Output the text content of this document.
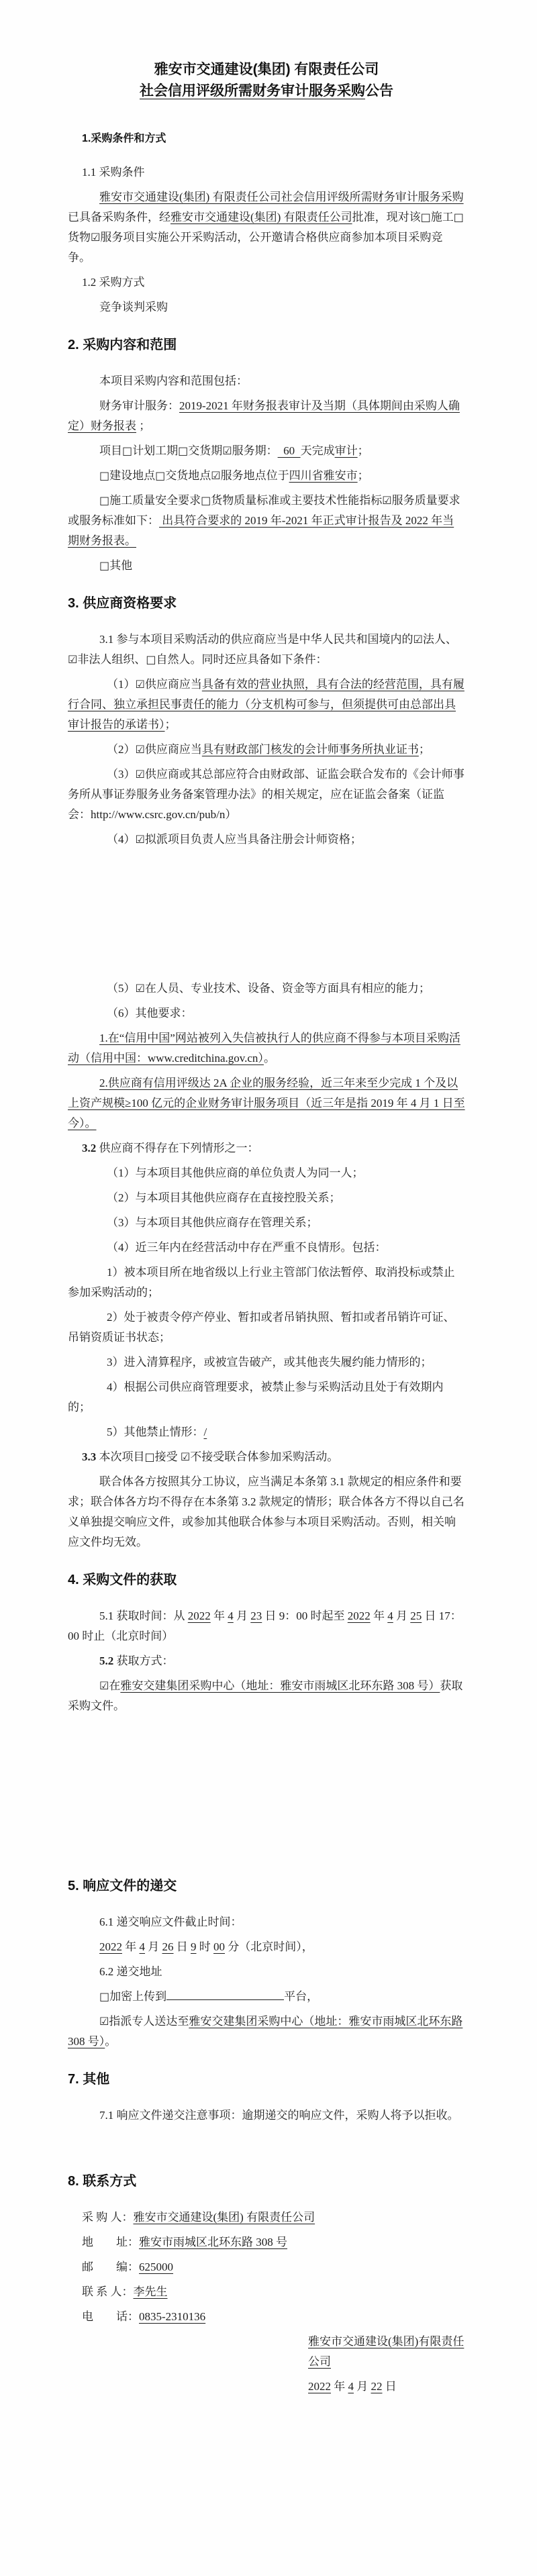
雅安市交通建设(集团) 有限责任公司
社会信用评级所需财务审计服务采购公告
1.采购条件和方式
1.1 采购条件
雅安市交通建设(集团) 有限责任公司社会信用评级所需财务审计服务采购已具备采购条件，经雅安市交通建设(集团) 有限责任公司批准，现对该□施工□货物☑服务项目实施公开采购活动，公开邀请合格供应商参加本项目采购竞争。
1.2 采购方式
竞争谈判采购
2. 采购内容和范围
本项目采购内容和范围包括：
财务审计服务：2019-2021 年财务报表审计及当期（具体期间由采购人确定）财务报表 ；
项目□计划工期□交货期☑服务期：  60  天完成审计；
□建设地点□交货地点☑服务地点位于四川省雅安市；
□施工质量安全要求□货物质量标准或主要技术性能指标☑服务质量要求或服务标准如下： 出具符合要求的 2019 年-2021 年正式审计报告及 2022 年当期财务报表。
□其他
3. 供应商资格要求
3.1 参与本项目采购活动的供应商应当是中华人民共和国境内的☑法人、☑非法人组织、□自然人。同时还应具备如下条件：
（1）☑供应商应当具备有效的营业执照，具有合法的经营范围，具有履行合同、独立承担民事责任的能力（分支机构可参与，但须提供可由总部出具审计报告的承诺书）；
（2）☑供应商应当具有财政部门核发的会计师事务所执业证书；
（3）☑供应商或其总部应符合由财政部、证监会联合发布的《会计师事务所从事证券服务业务备案管理办法》的相关规定，应在证监会备案（证监会：http://www.csrc.gov.cn/pub/n）
（4）☑拟派项目负责人应当具备注册会计师资格；
（5）☑在人员、专业技术、设备、资金等方面具有相应的能力；
（6）其他要求：
1.在“信用中国”网站被列入失信被执行人的供应商不得参与本项目采购活动（信用中国：www.creditchina.gov.cn）。
2.供应商有信用评级达 2A 企业的服务经验，近三年来至少完成 1 个及以上资产规模≥100 亿元的企业财务审计服务项目（近三年是指 2019 年 4 月 1 日至今）。
3.2 供应商不得存在下列情形之一：
（1）与本项目其他供应商的单位负责人为同一人；
（2）与本项目其他供应商存在直接控股关系；
（3）与本项目其他供应商存在管理关系；
（4）近三年内在经营活动中存在严重不良情形。包括：
1）被本项目所在地省级以上行业主管部门依法暂停、取消投标或禁止参加采购活动的；
2）处于被责令停产停业、暂扣或者吊销执照、暂扣或者吊销许可证、吊销资质证书状态；
3）进入清算程序，或被宣告破产，或其他丧失履约能力情形的；
4）根据公司供应商管理要求，被禁止参与采购活动且处于有效期内的；
5）其他禁止情形：/
3.3 本次项目□接受 ☑不接受联合体参加采购活动。
联合体各方按照其分工协议，应当满足本条第 3.1 款规定的相应条件和要求；联合体各方均不得存在本条第 3.2 款规定的情形；联合体各方不得以自己名义单独提交响应文件，或参加其他联合体参与本项目采购活动。否则，相关响应文件均无效。
4. 采购文件的获取
5.1 获取时间：从 2022 年 4 月 23 日 9：00 时起至 2022 年 4 月 25 日 17：00 时止（北京时间）
5.2 获取方式：
☑在雅安交建集团采购中心（地址：雅安市雨城区北环东路 308 号）获取采购文件。
5. 响应文件的递交
6.1 递交响应文件截止时间：
2022 年 4 月 26 日 9 时 00 分（北京时间），
6.2 递交地址
□加密上传到	平台，
☑指派专人送达至雅安交建集团采购中心（地址：雅安市雨城区北环东路 308 号）。
7. 其他
7.1 响应文件递交注意事项：逾期递交的响应文件，采购人将予以拒收。
8. 联系方式
采 购 人：雅安市交通建设(集团) 有限责任公司
地　　址：雅安市雨城区北环东路 308 号
邮　　编：625000
联 系 人：李先生
电　　话：0835-2310136
雅安市交通建设(集团)有限责任公司
2022 年 4 月 22 日
